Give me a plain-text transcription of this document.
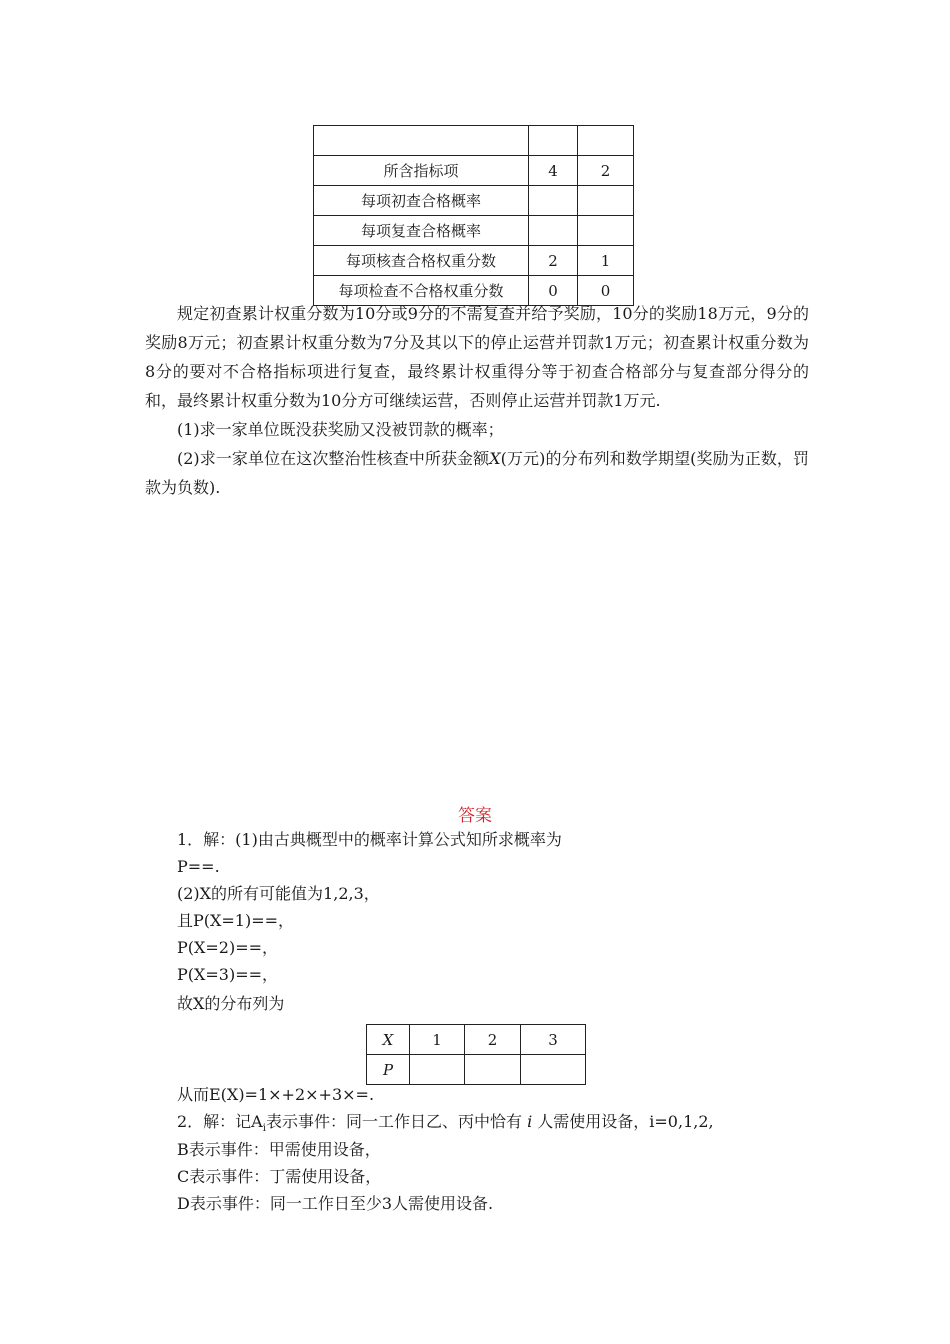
所含指标项	4	2
每项初查合格概率		
每项复查合格概率		
每项核查合格权重分数	2	1
每项检查不合格权重分数	0	0
规定初查累计权重分数为10分或9分的不需复查并给予奖励，10分的奖励18万元，9分的奖励8万元；初查累计权重分数为7分及其以下的停止运营并罚款1万元；初查累计权重分数为8分的要对不合格指标项进行复查，最终累计权重得分等于初查合格部分与复查部分得分的和，最终累计权重分数为10分方可继续运营，否则停止运营并罚款1万元.
(1)求一家单位既没获奖励又没被罚款的概率；
(2)求一家单位在这次整治性核查中所获金额X(万元)的分布列和数学期望(奖励为正数，罚款为负数).
答案
1．解：(1)由古典概型中的概率计算公式知所求概率为
P==.
(2)X的所有可能值为1,2,3，
且P(X=1)==，
P(X=2)==，
P(X=3)==，
故X的分布列为
X	1	2	3
P			
从而E(X)=1×+2×+3×=.
2．解：记$A_i$表示事件：同一工作日乙、丙中恰有 i 人需使用设备，i=0,1,2,
B表示事件：甲需使用设备，
C表示事件：丁需使用设备，
D表示事件：同一工作日至少3人需使用设备.
